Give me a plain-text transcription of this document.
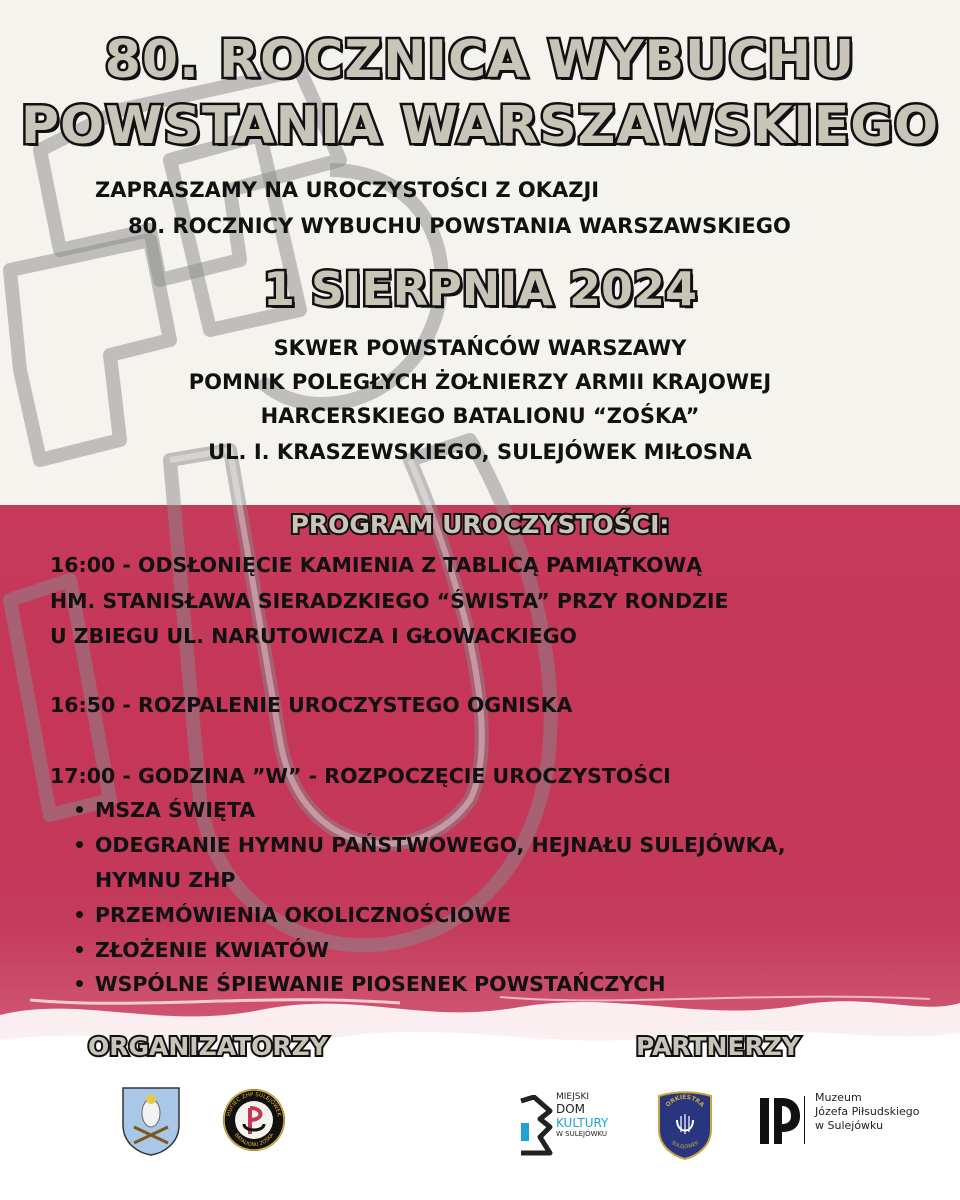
80. ROCZNICA WYBUCHU
POWSTANIA WARSZAWSKIEGO
ZAPRASZAMY NA UROCZYSTOŚCI Z OKAZJI
80. ROCZNICY WYBUCHU POWSTANIA WARSZAWSKIEGO
1 SIERPNIA 2024
SKWER POWSTAŃCÓW WARSZAWY
POMNIK POLEGŁYCH ŻOŁNIERZY ARMII KRAJOWEJ
HARCERSKIEGO BATALIONU “ZOŚKA”
UL. I. KRASZEWSKIEGO, SULEJÓWEK MIŁOSNA
PROGRAM UROCZYSTOŚCI:
16:00 - ODSŁONIĘCIE KAMIENIA Z TABLICĄ PAMIĄTKOWĄ
HM. STANISŁAWA SIERADZKIEGO “ŚWISTA” PRZY RONDZIE
U ZBIEGU UL. NARUTOWICZA I GŁOWACKIEGO
16:50 - ROZPALENIE UROCZYSTEGO OGNISKA
17:00 - GODZINA ”W” - ROZPOCZĘCIE UROCZYSTOŚCI
MSZA ŚWIĘTA
ODEGRANIE HYMNU PAŃSTWOWEGO, HEJNAŁU SULEJÓWKA,
HYMNU ZHP
PRZEMÓWIENIA OKOLICZNOŚCIOWE
ZŁOŻENIE KWIATÓW
WSPÓLNE ŚPIEWANIE PIOSENEK POWSTAŃCZYCH
ORGANIZATORZY	PARTNERZY
HUFIEC ZHP SULEJÓWEK
BATALIONU ZOŚKA
MIEJSKI
DOM
KULTURY
W SULEJÓWKU
ORKIESTRA
SULEJÓWEK
Muzeum
Józefa Piłsudskiego
w Sulejówku
